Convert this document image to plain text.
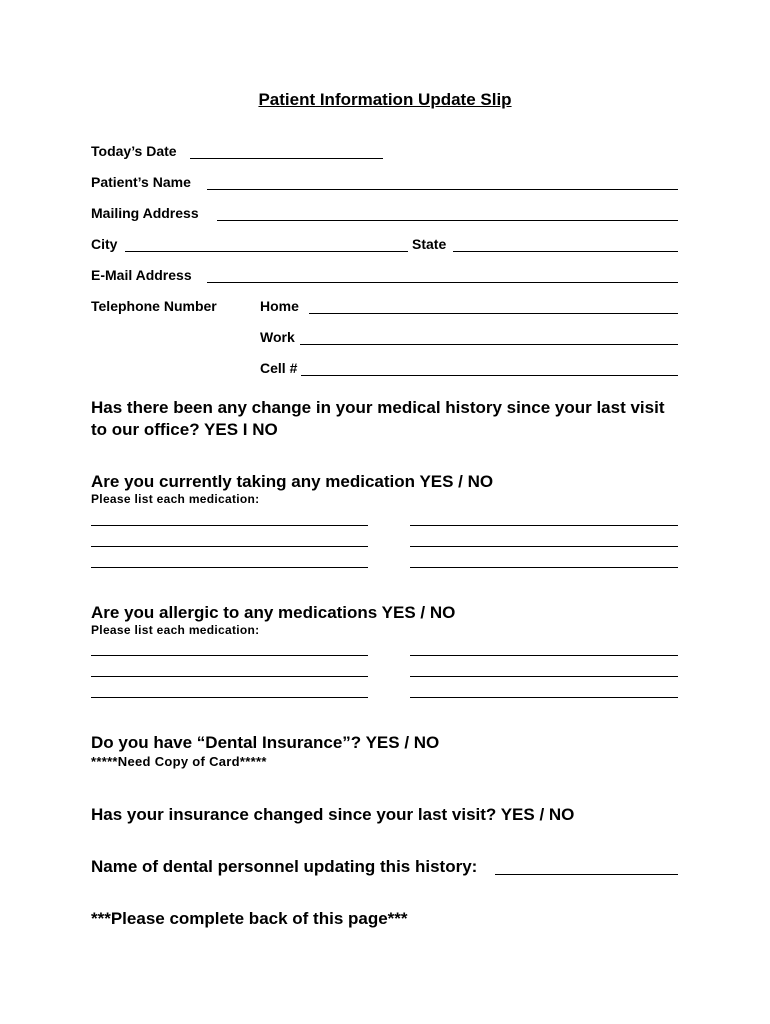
Patient Information Update Slip
Today’s Date
Patient’s Name
Mailing Address
City	State
E-Mail Address
Telephone Number	Home
Work
Cell #
Has there been any change in your medical history since your last visit
to our office? YES I NO
Are you currently taking any medication YES / NO
Please list each medication:
Are you allergic to any medications YES / NO
Please list each medication:
Do you have “Dental Insurance”? YES / NO
*****Need Copy of Card*****
Has your insurance changed since your last visit? YES / NO
Name of dental personnel updating this history:
***Please complete back of this page***
